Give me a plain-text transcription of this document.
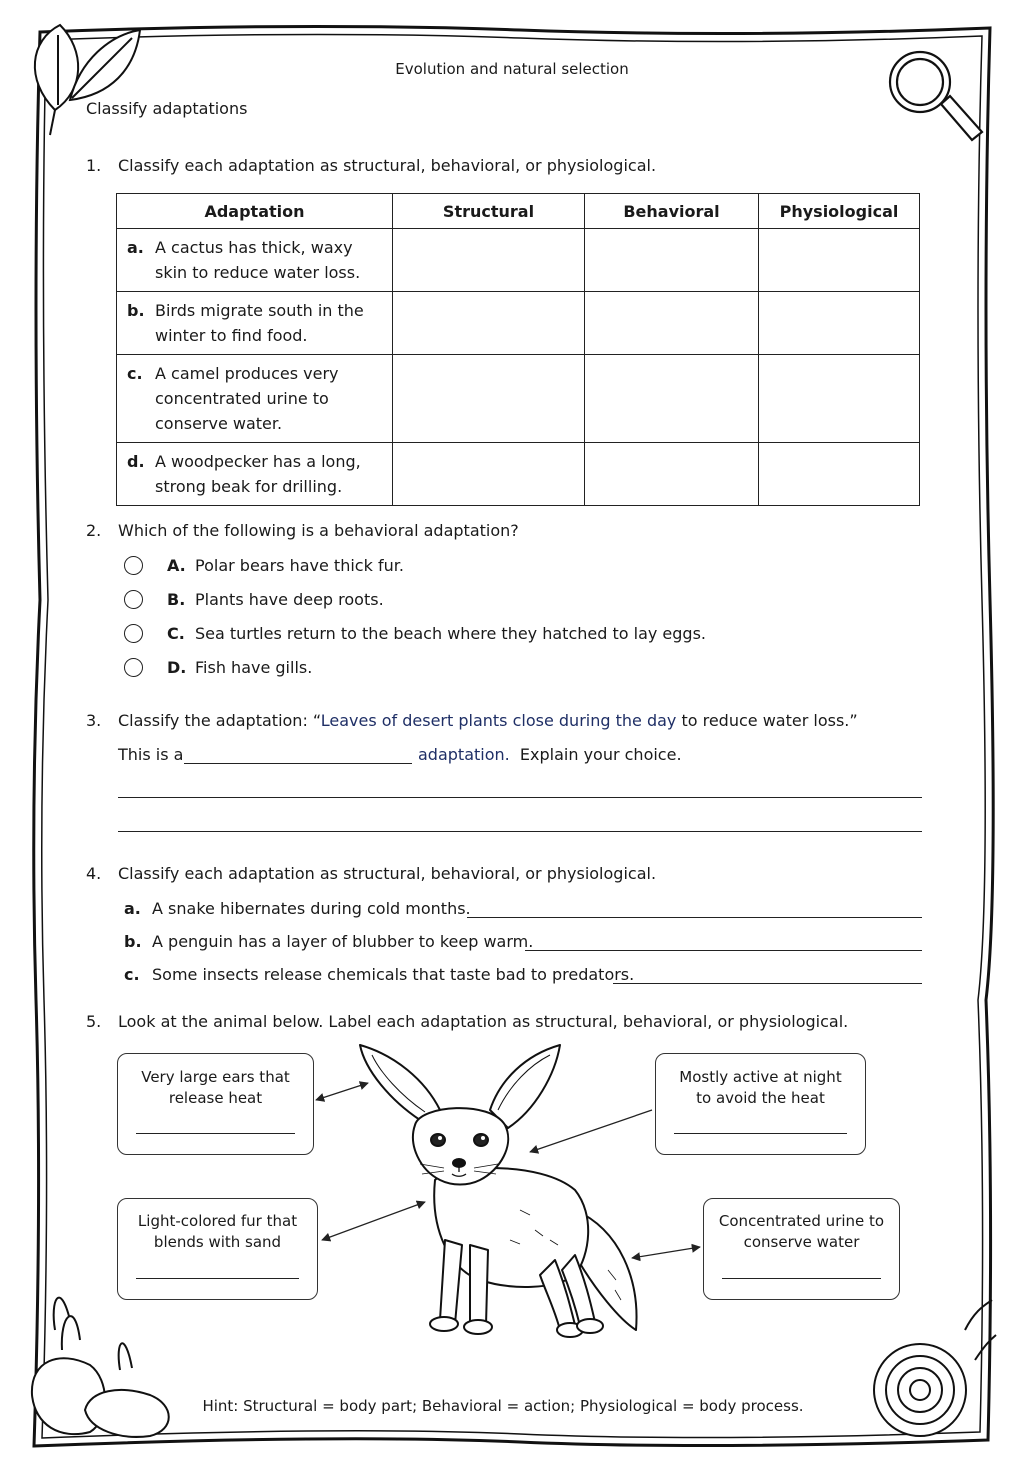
Evolution and natural selection
Classify adaptations
1.	Classify each adaptation as structural, behavioral, or physiological.
Adaptation	Structural	Behavioral	Physiological

a. A cactus has thick, waxy skin to reduce water loss.			

b. Birds migrate south in the winter to find food.			

c. A camel produces very concentrated urine to conserve water.			

d. A woodpecker has a long, strong beak for drilling.			

2.	Which of the following is a behavioral adaptation?
A. Polar bears have thick fur.
B. Plants have deep roots.
C. Sea turtles return to the beach where they hatched to lay eggs.
D. Fish have gills.
3.	Classify the adaptation: “Leaves of desert plants close during the day to reduce water loss.”
This is a	adaptation. Explain your choice.
4.	Classify each adaptation as structural, behavioral, or physiological.
a. A snake hibernates during cold months.
b. A penguin has a layer of blubber to keep warm.
c. Some insects release chemicals that taste bad to predators.
5.	Look at the animal below. Label each adaptation as structural, behavioral, or physiological.
Very large ears that release heat
Mostly active at night to avoid the heat
Light-colored fur that blends with sand
Concentrated urine to conserve water
Hint: Structural = body part; Behavioral = action; Physiological = body process.
